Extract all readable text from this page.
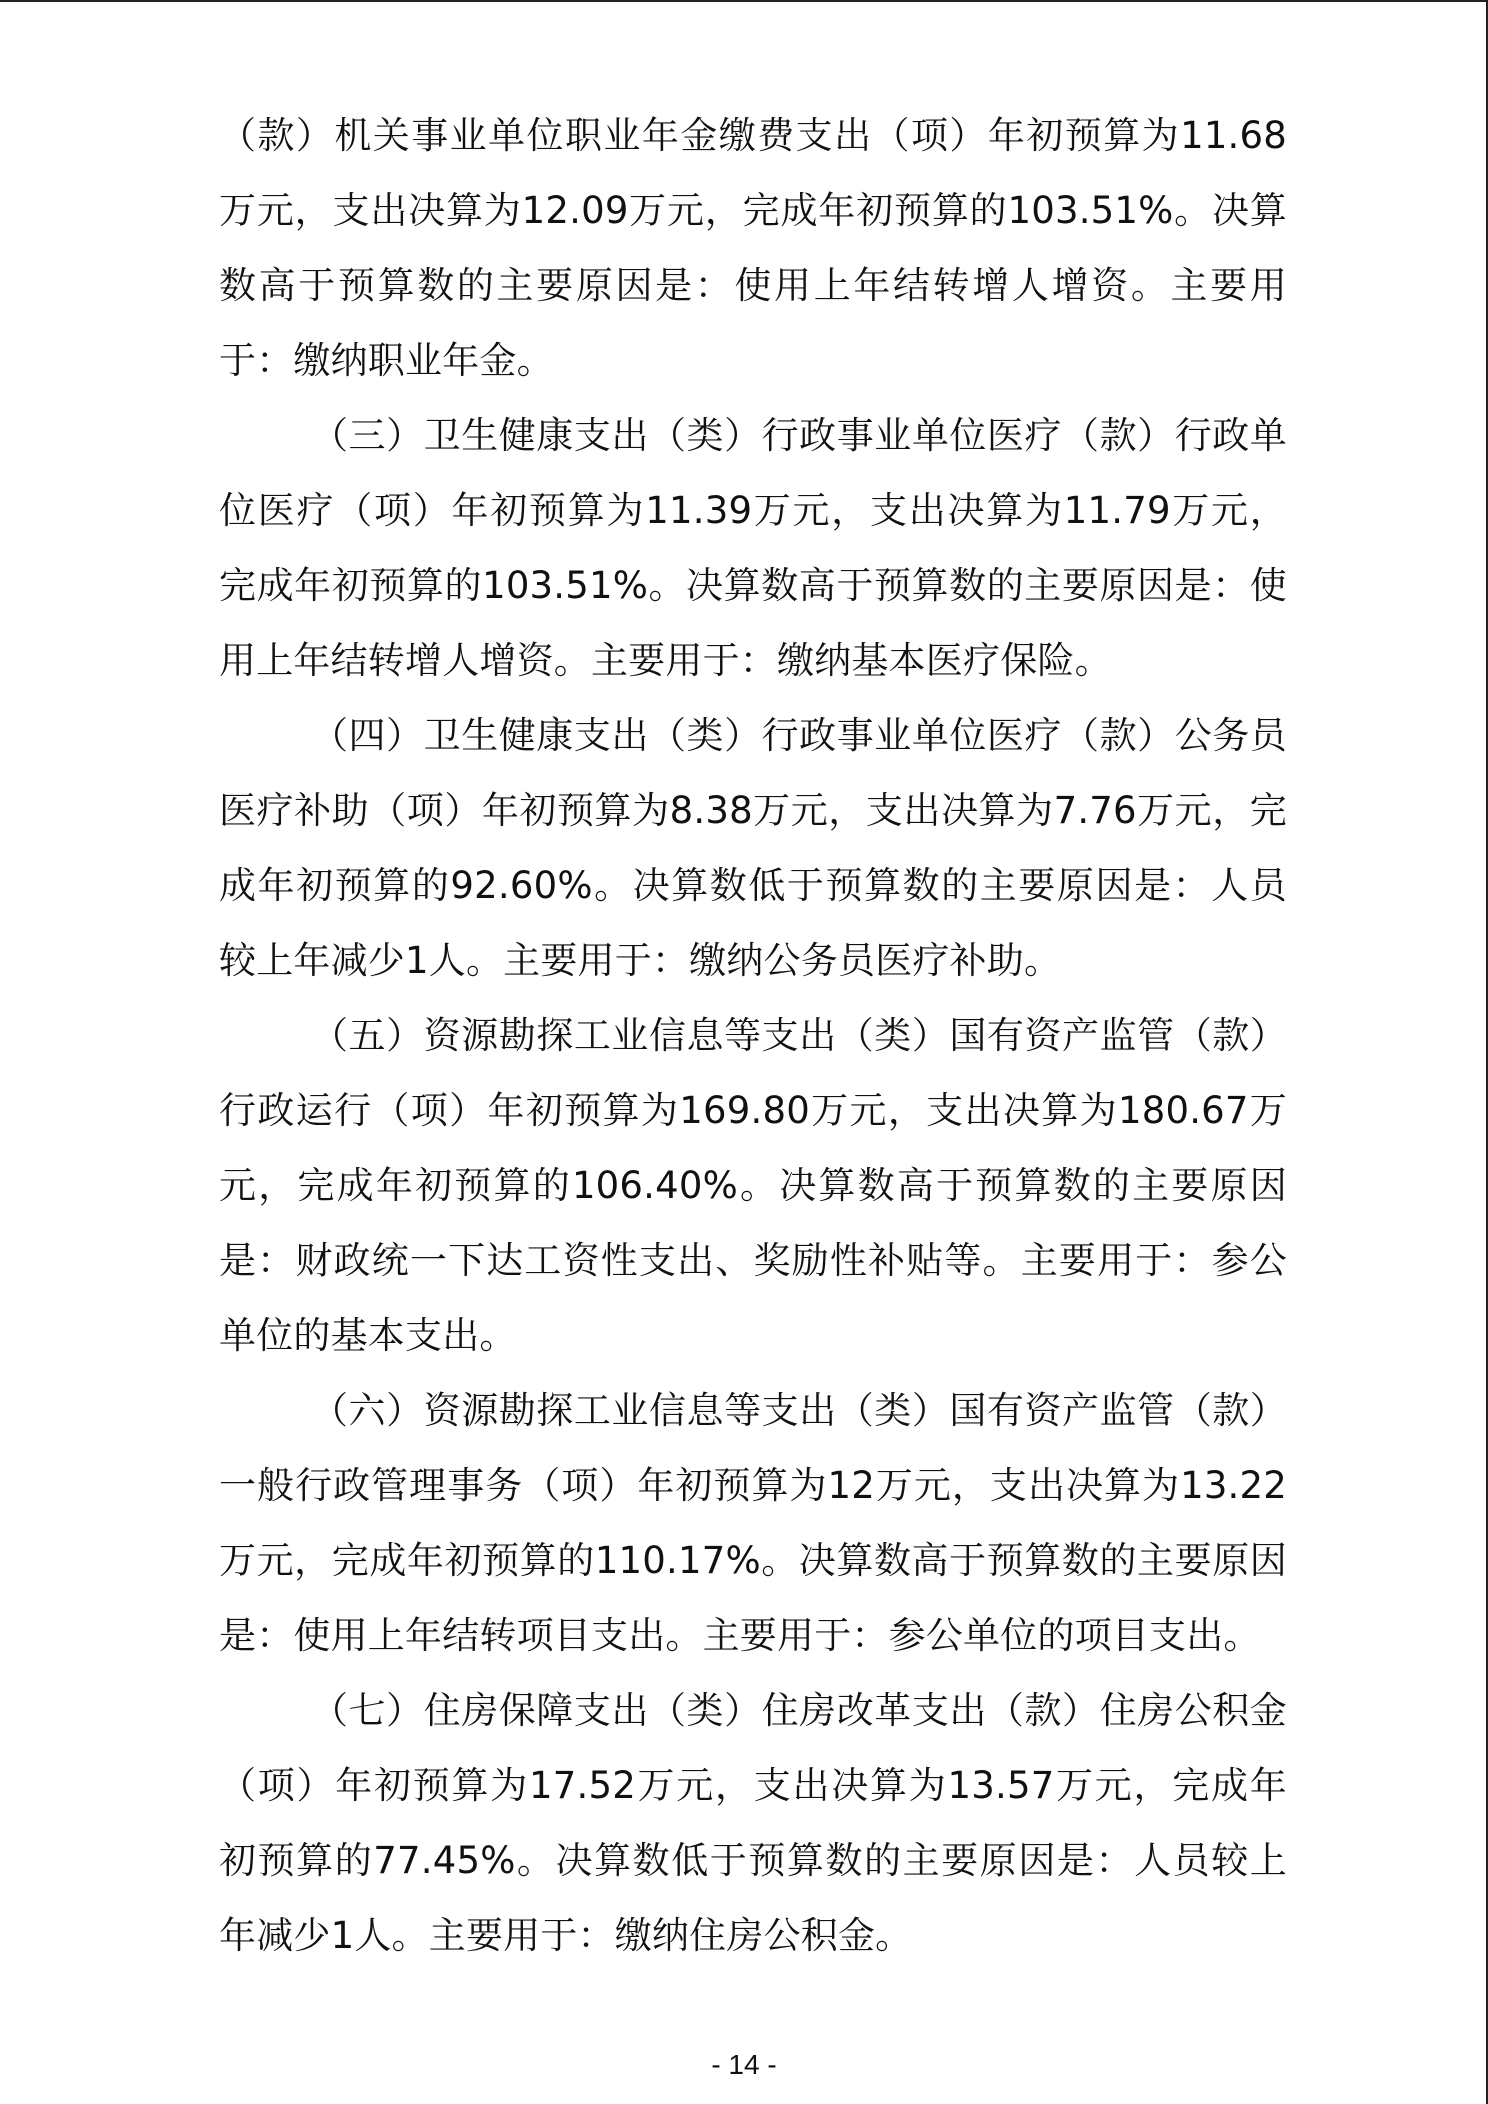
（款）机关事业单位职业年金缴费支出（项）年初预算为11.68万元，支出决算为12.09万元，完成年初预算的103.51%。决算数高于预算数的主要原因是：使用上年结转增人增资。主要用于：缴纳职业年金。

（三）卫生健康支出（类）行政事业单位医疗（款）行政单位医疗（项）年初预算为11.39万元，支出决算为11.79万元，完成年初预算的103.51%。决算数高于预算数的主要原因是：使用上年结转增人增资。主要用于：缴纳基本医疗保险。

（四）卫生健康支出（类）行政事业单位医疗（款）公务员医疗补助（项）年初预算为8.38万元，支出决算为7.76万元，完成年初预算的92.60%。决算数低于预算数的主要原因是：人员较上年减少1人。主要用于：缴纳公务员医疗补助。

（五）资源勘探工业信息等支出（类）国有资产监管（款）行政运行（项）年初预算为169.80万元，支出决算为180.67万元，完成年初预算的106.40%。决算数高于预算数的主要原因是：财政统一下达工资性支出、奖励性补贴等。主要用于：参公单位的基本支出。

（六）资源勘探工业信息等支出（类）国有资产监管（款）一般行政管理事务（项）年初预算为12万元，支出决算为13.22万元，完成年初预算的110.17%。决算数高于预算数的主要原因是：使用上年结转项目支出。主要用于：参公单位的项目支出。

（七）住房保障支出（类）住房改革支出（款）住房公积金（项）年初预算为17.52万元，支出决算为13.57万元，完成年初预算的77.45%。决算数低于预算数的主要原因是：人员较上年减少1人。主要用于：缴纳住房公积金。

- 14 -
